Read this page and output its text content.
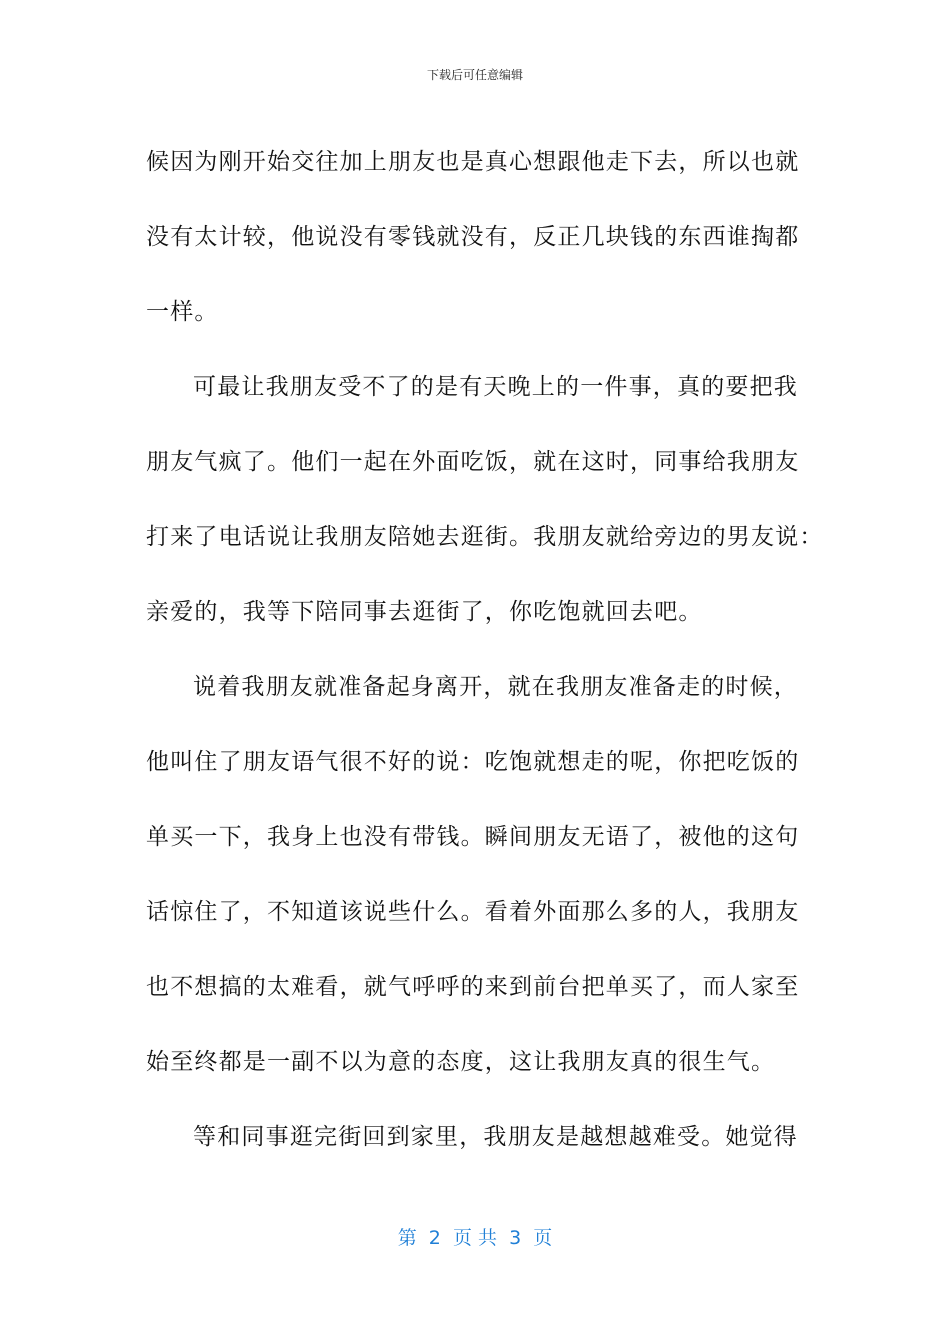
下载后可任意编辑
候因为刚开始交往加上朋友也是真心想跟他走下去，所以也就
没有太计较，他说没有零钱就没有，反正几块钱的东西谁掏都
一样。
可最让我朋友受不了的是有天晚上的一件事，真的要把我
朋友气疯了。他们一起在外面吃饭，就在这时，同事给我朋友
打来了电话说让我朋友陪她去逛街。我朋友就给旁边的男友说：
亲爱的，我等下陪同事去逛街了，你吃饱就回去吧。
说着我朋友就准备起身离开，就在我朋友准备走的时候，
他叫住了朋友语气很不好的说：吃饱就想走的呢，你把吃饭的
单买一下，我身上也没有带钱。瞬间朋友无语了，被他的这句
话惊住了，不知道该说些什么。看着外面那么多的人，我朋友
也不想搞的太难看，就气呼呼的来到前台把单买了，而人家至
始至终都是一副不以为意的态度，这让我朋友真的很生气。
等和同事逛完街回到家里，我朋友是越想越难受。她觉得
第  2  页 共  3  页
